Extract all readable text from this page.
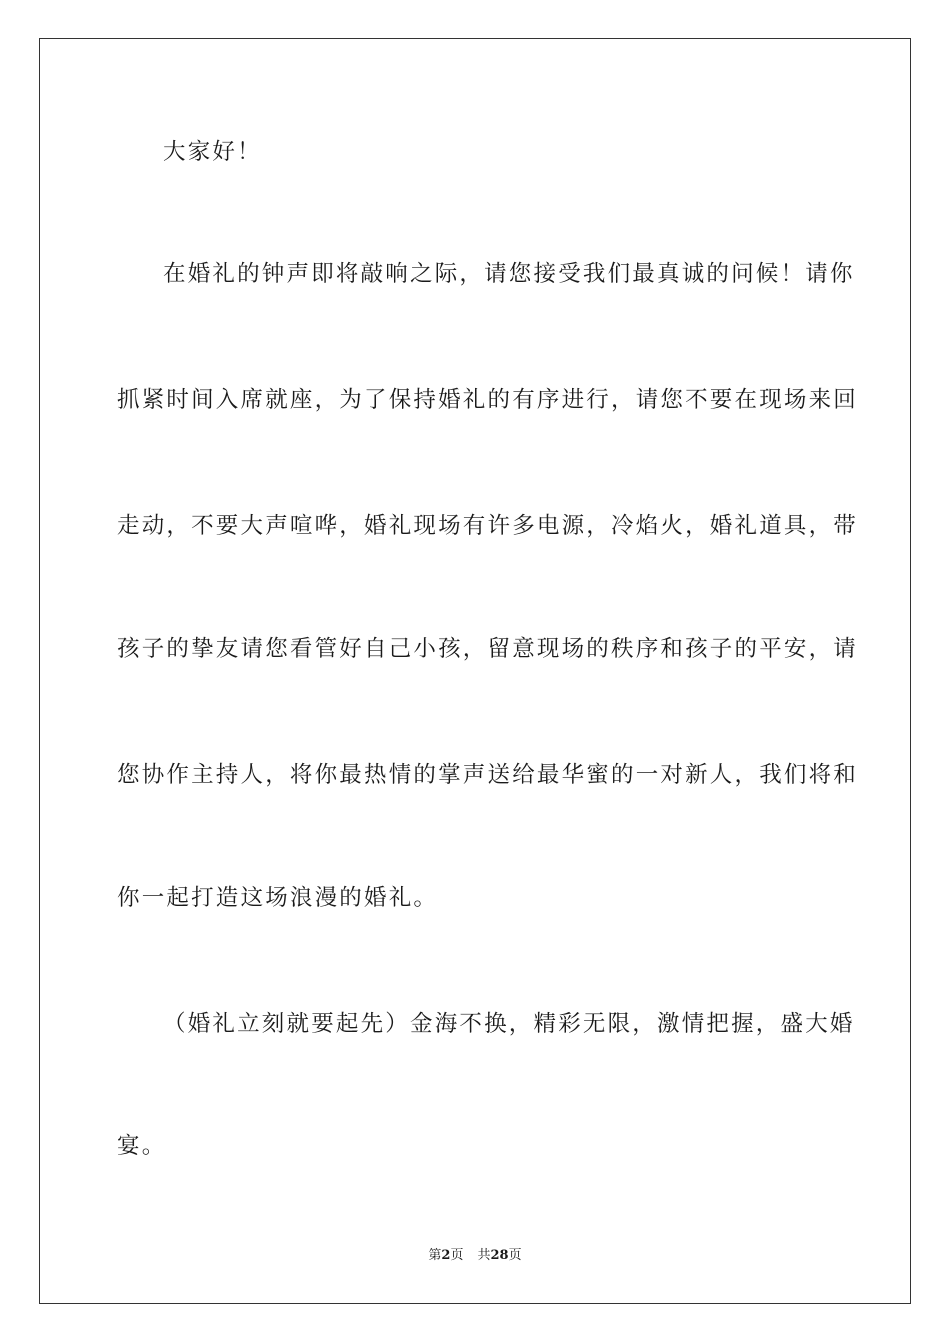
大家好！
在婚礼的钟声即将敲响之际，请您接受我们最真诚的问候！请你
抓紧时间入席就座，为了保持婚礼的有序进行，请您不要在现场来回
走动，不要大声喧哗，婚礼现场有许多电源，冷焰火，婚礼道具，带
孩子的挚友请您看管好自己小孩，留意现场的秩序和孩子的平安，请
您协作主持人，将你最热情的掌声送给最华蜜的一对新人，我们将和
你一起打造这场浪漫的婚礼。
（婚礼立刻就要起先）金海不换，精彩无限，激情把握，盛大婚
宴。
第2页 共28页
